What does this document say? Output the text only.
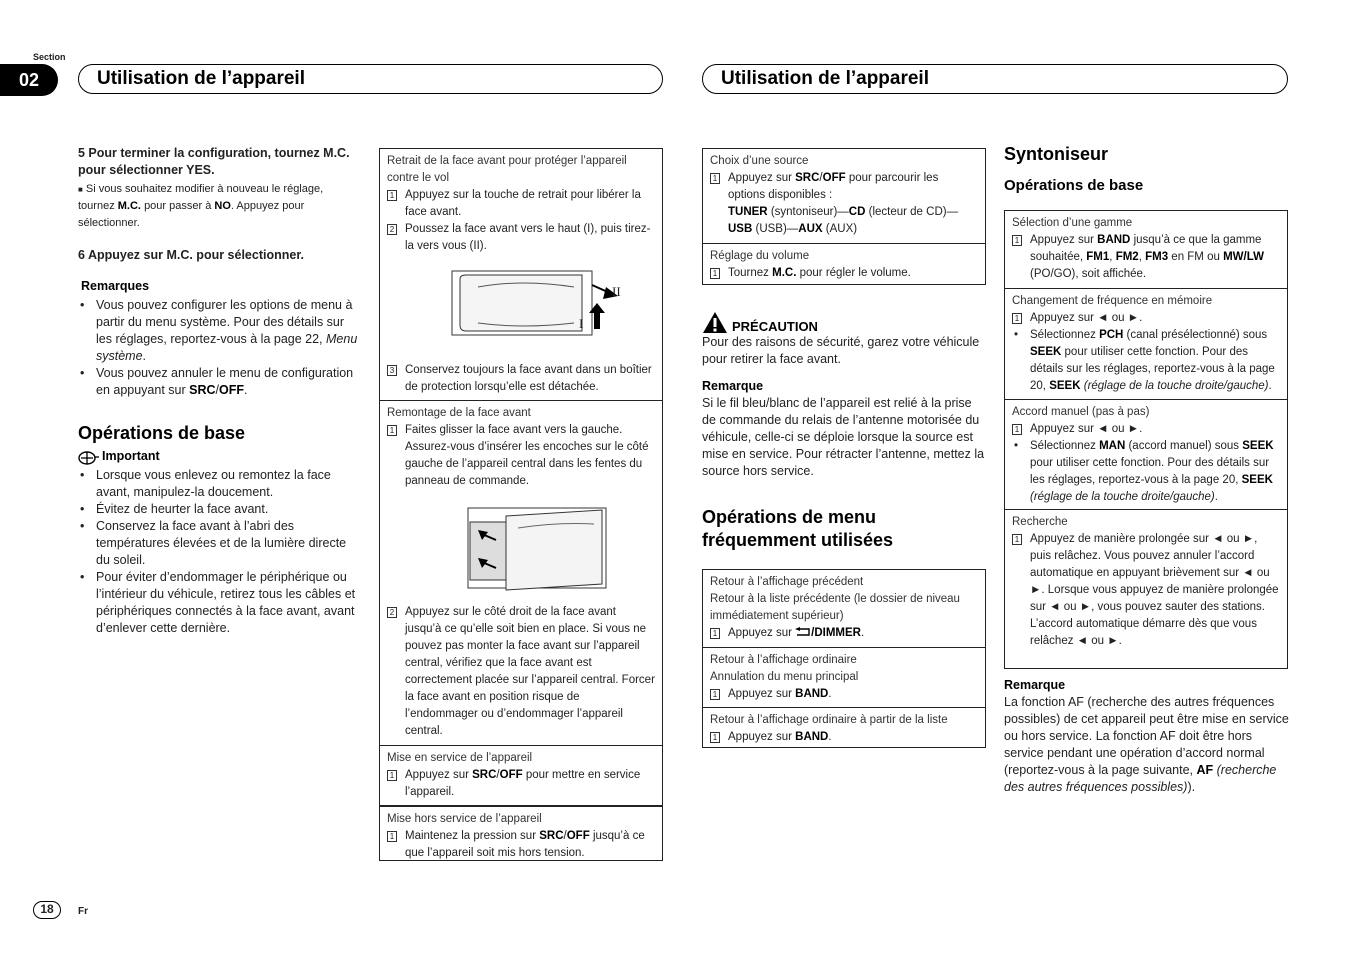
Section
02	Utilisation de l’appareil	Utilisation de l’appareil
5 Pour terminer la configuration, tournez M.C. pour sélectionner YES.
■ Si vous souhaitez modifier à nouveau le réglage, tournez M.C. pour passer à NO. Appuyez pour sélectionner.
6 Appuyez sur M.C. pour sélectionner.
Remarques
• Vous pouvez configurer les options de menu à partir du menu système. Pour des détails sur les réglages, reportez-vous à la page 22, Menu système.
• Vous pouvez annuler le menu de configuration en appuyant sur SRC/OFF.
Opérations de base
Important
• Lorsque vous enlevez ou remontez la face avant, manipulez-la doucement.
• Évitez de heurter la face avant.
• Conservez la face avant à l’abri des températures élevées et de la lumière directe du soleil.
• Pour éviter d’endommager le périphérique ou l’intérieur du véhicule, retirez tous les câbles et périphériques connectés à la face avant, avant d’enlever cette dernière.
Retrait de la face avant pour protéger l’appareil contre le vol
1 Appuyez sur la touche de retrait pour libérer la face avant.
2 Poussez la face avant vers le haut (I), puis tirez-la vers vous (II).
II
I
3 Conservez toujours la face avant dans un boîtier de protection lorsqu’elle est détachée.
Remontage de la face avant
1 Faites glisser la face avant vers la gauche. Assurez-vous d’insérer les encoches sur le côté gauche de l’appareil central dans les fentes du panneau de commande.
2 Appuyez sur le côté droit de la face avant jusqu’à ce qu’elle soit bien en place. Si vous ne pouvez pas monter la face avant sur l’appareil central, vérifiez que la face avant est correctement placée sur l’appareil central. Forcer la face avant en position risque de l’endommager ou d’endommager l’appareil central.
Mise en service de l’appareil
1 Appuyez sur SRC/OFF pour mettre en service l’appareil.
Mise hors service de l’appareil
1 Maintenez la pression sur SRC/OFF jusqu’à ce que l’appareil soit mis hors tension.
Choix d’une source
1 Appuyez sur SRC/OFF pour parcourir les options disponibles :
TUNER (syntoniseur)—CD (lecteur de CD)—
USB (USB)—AUX (AUX)
Réglage du volume
1 Tournez M.C. pour régler le volume.
PRÉCAUTION
Pour des raisons de sécurité, garez votre véhicule pour retirer la face avant.
Remarque
Si le fil bleu/blanc de l’appareil est relié à la prise de commande du relais de l’antenne motorisée du véhicule, celle-ci se déploie lorsque la source est mise en service. Pour rétracter l’antenne, mettez la source hors service.
Opérations de menu
fréquemment utilisées
Retour à l’affichage précédent
Retour à la liste précédente (le dossier de niveau immédiatement supérieur)
1 Appuyez sur /DIMMER.
Retour à l’affichage ordinaire
Annulation du menu principal
1 Appuyez sur BAND.
Retour à l’affichage ordinaire à partir de la liste
1 Appuyez sur BAND.
Syntoniseur
Opérations de base
Sélection d’une gamme
1 Appuyez sur BAND jusqu’à ce que la gamme souhaitée, FM1, FM2, FM3 en FM ou MW/LW (PO/GO), soit affichée.
Changement de fréquence en mémoire
1 Appuyez sur ◄ ou ►.
•	Sélectionnez PCH (canal présélectionné) sous SEEK pour utiliser cette fonction. Pour des détails sur les réglages, reportez-vous à la page 20, SEEK (réglage de la touche droite/gauche).
Accord manuel (pas à pas)
1 Appuyez sur ◄ ou ►.
•	Sélectionnez MAN (accord manuel) sous SEEK pour utiliser cette fonction. Pour des détails sur les réglages, reportez-vous à la page 20, SEEK (réglage de la touche droite/gauche).
Recherche
1 Appuyez de manière prolongée sur ◄ ou ►, puis relâchez. Vous pouvez annuler l’accord automatique en appuyant brièvement sur ◄ ou ►. Lorsque vous appuyez de manière prolongée sur ◄ ou ►, vous pouvez sauter des stations. L’accord automatique démarre dès que vous relâchez ◄ ou ►.
Remarque
La fonction AF (recherche des autres fréquences possibles) de cet appareil peut être mise en service ou hors service. La fonction AF doit être hors service pendant une opération d’accord normal (reportez-vous à la page suivante, AF (recherche des autres fréquences possibles)).
18	Fr
